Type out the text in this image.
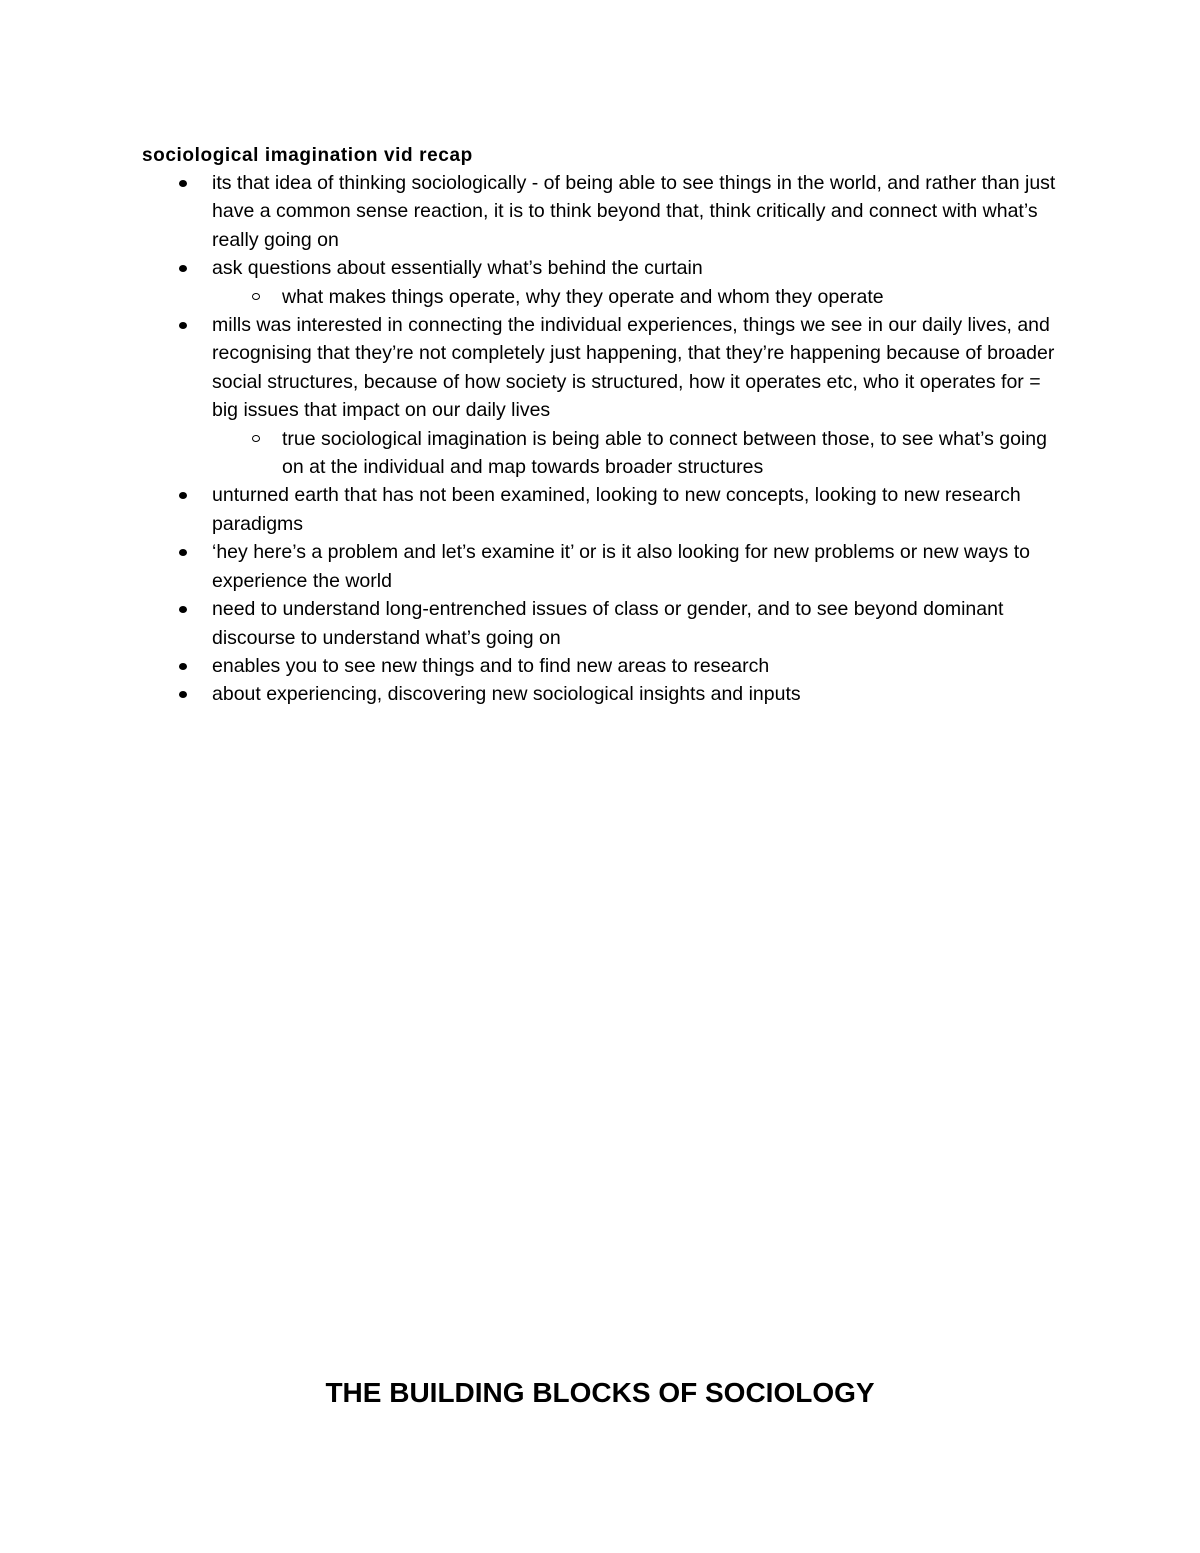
sociological imagination vid recap

its that idea of thinking sociologically - of being able to see things in the world, and rather than just have a common sense reaction, it is to think beyond that, think critically and connect with what’s really going on
ask questions about essentially what’s behind the curtain
what makes things operate, why they operate and whom they operate
mills was interested in connecting the individual experiences, things we see in our daily lives, and recognising that they’re not completely just happening, that they’re happening because of broader social structures, because of how society is structured, how it operates etc, who it operates for = big issues that impact on our daily lives
true sociological imagination is being able to connect between those, to see what’s going on at the individual and map towards broader structures
unturned earth that has not been examined, looking to new concepts, looking to new research paradigms
‘hey here’s a problem and let’s examine it’ or is it also looking for new problems or new ways to experience the world
need to understand long-entrenched issues of class or gender, and to see beyond dominant discourse to understand what’s going on
enables you to see new things and to find new areas to research
about experiencing, discovering new sociological insights and inputs
THE BUILDING BLOCKS OF SOCIOLOGY
